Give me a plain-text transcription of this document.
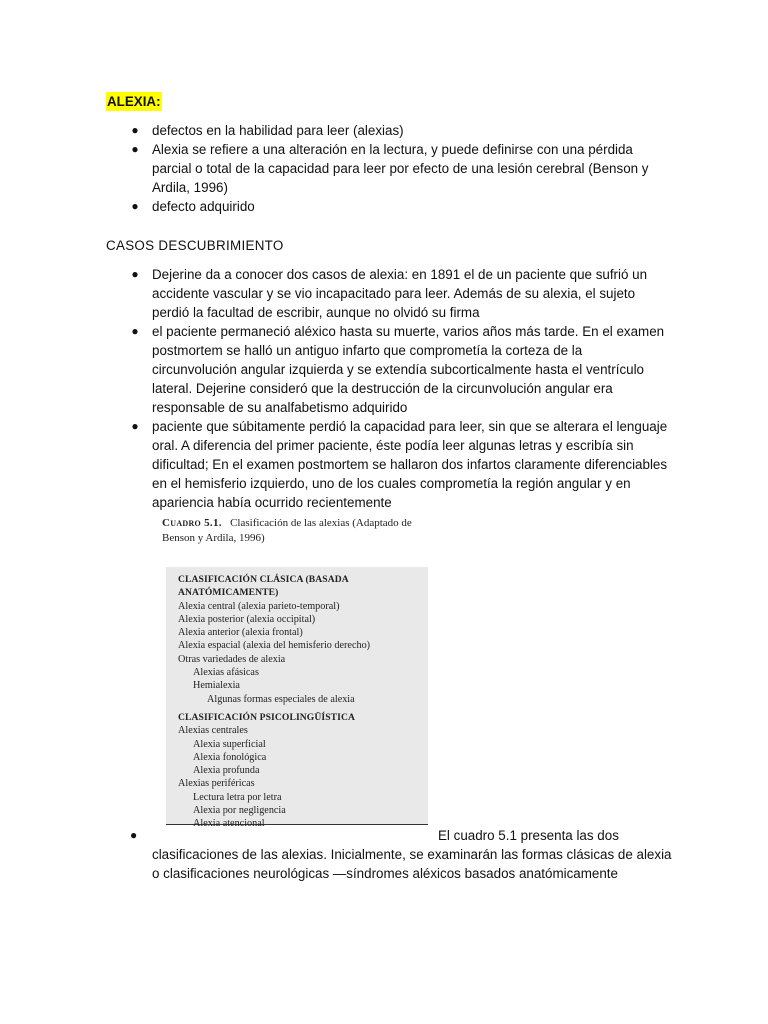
ALEXIA:
● defectos en la habilidad para leer (alexias)
● Alexia se refiere a una alteración en la lectura, y puede definirse con una pérdida parcial o total de la capacidad para leer por efecto de una lesión cerebral (Benson y Ardila, 1996)
● defecto adquirido
CASOS DESCUBRIMIENTO
● Dejerine da a conocer dos casos de alexia: en 1891 el de un paciente que sufrió un accidente vascular y se vio incapacitado para leer. Además de su alexia, el sujeto perdió la facultad de escribir, aunque no olvidó su firma
● el paciente permaneció aléxico hasta su muerte, varios años más tarde. En el examen postmortem se halló un antiguo infarto que comprometía la corteza de la circunvolución angular izquierda y se extendía subcorticalmente hasta el ventrículo lateral. Dejerine consideró que la destrucción de la circunvolución angular era responsable de su analfabetismo adquirido
● paciente que súbitamente perdió la capacidad para leer, sin que se alterara el lenguaje oral. A diferencia del primer paciente, éste podía leer algunas letras y escribía sin dificultad; En el examen postmortem se hallaron dos infartos claramente diferenciables en el hemisferio izquierdo, uno de los cuales comprometía la región angular y en apariencia había ocurrido recientemente
Cuadro 5.1. Clasificación de las alexias (Adaptado de Benson y Ardila, 1996)
CLASIFICACIÓN CLÁSICA (BASADA ANATÓMICAMENTE)
Alexia central (alexia parieto-temporal)
Alexia posterior (alexia occipital)
Alexia anterior (alexia frontal)
Alexia espacial (alexia del hemisferio derecho)
Otras variedades de alexia
Alexias afásicas
Hemialexia
Algunas formas especiales de alexia
CLASIFICACIÓN PSICOLINGÜÍSTICA
Alexias centrales
Alexia superficial
Alexia fonológica
Alexia profunda
Alexias periféricas
Lectura letra por letra
Alexia por negligencia
Alexia atencional
●	El cuadro 5.1 presenta las dos
clasificaciones de las alexias. Inicialmente, se examinarán las formas clásicas de alexia o clasificaciones neurológicas —síndromes aléxicos basados anatómicamente
